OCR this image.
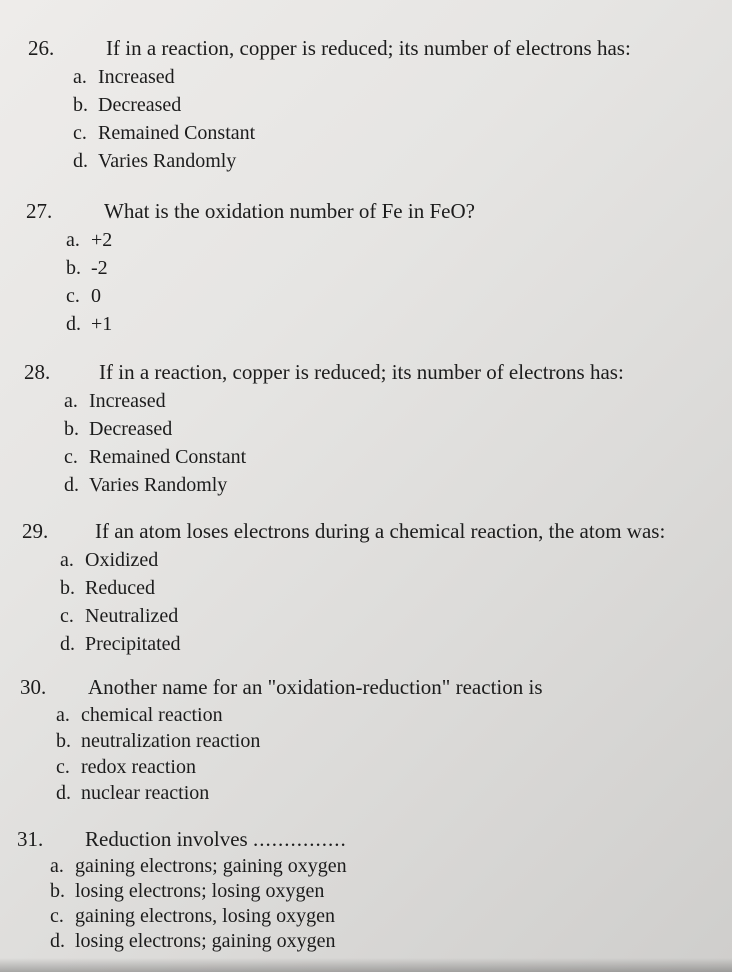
26. If in a reaction, copper is reduced; its number of electrons has:
a. Increased
b. Decreased
c. Remained Constant
d. Varies Randomly
27. What is the oxidation number of Fe in FeO?
a. +2
b. -2
c. 0
d. +1
28. If in a reaction, copper is reduced; its number of electrons has:
a. Increased
b. Decreased
c. Remained Constant
d. Varies Randomly
29. If an atom loses electrons during a chemical reaction, the atom was:
a. Oxidized
b. Reduced
c. Neutralized
d. Precipitated
30. Another name for an "oxidation-reduction" reaction is
a. chemical reaction
b. neutralization reaction
c. redox reaction
d. nuclear reaction
31. Reduction involves ...............
a. gaining electrons; gaining oxygen
b. losing electrons; losing oxygen
c. gaining electrons, losing oxygen
d. losing electrons; gaining oxygen
